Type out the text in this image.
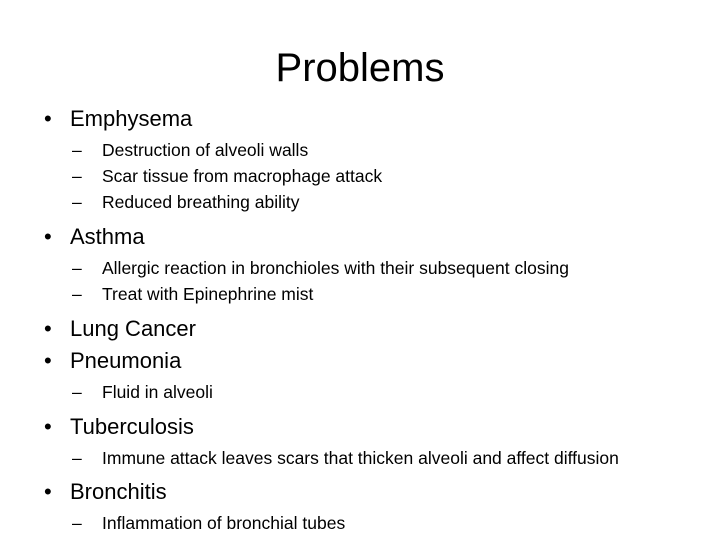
Problems
• Emphysema
– Destruction of alveoli walls
– Scar tissue from macrophage attack
– Reduced breathing ability
• Asthma
– Allergic reaction in bronchioles with their subsequent closing
– Treat with Epinephrine mist
• Lung Cancer
• Pneumonia
– Fluid in alveoli
• Tuberculosis
– Immune attack leaves scars that thicken alveoli and affect diffusion
• Bronchitis
– Inflammation of bronchial tubes
